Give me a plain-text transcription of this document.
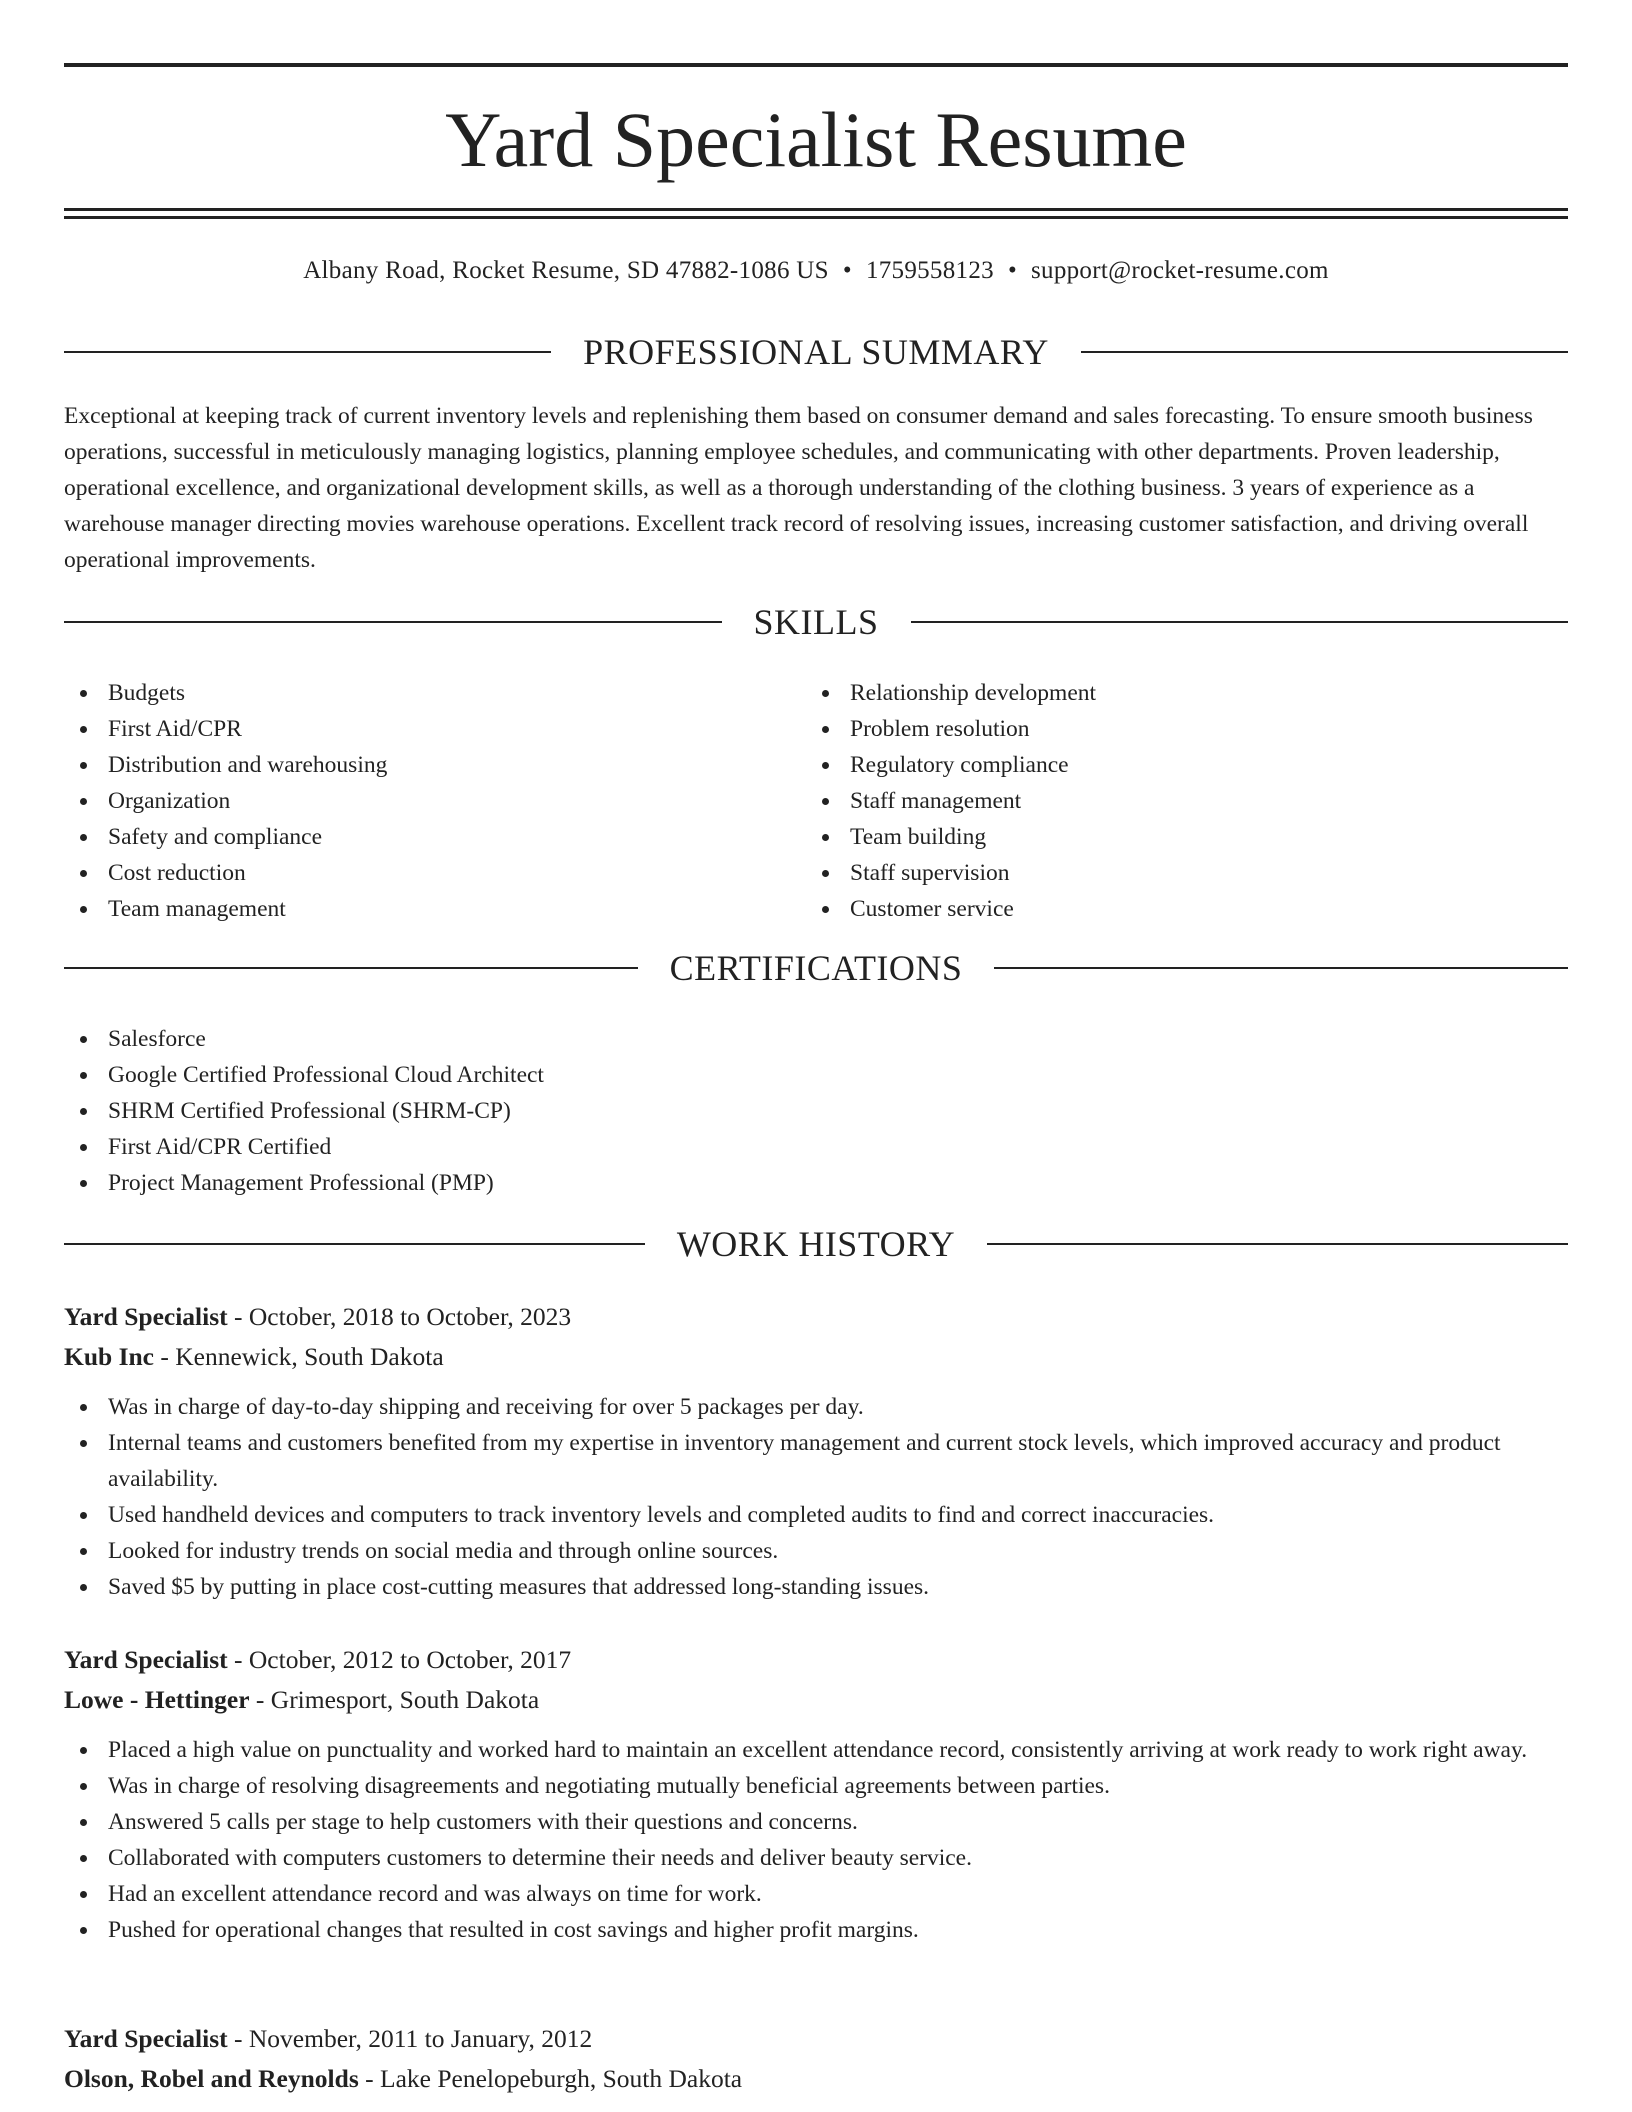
Yard Specialist Resume
Albany Road, Rocket Resume, SD 47882-1086 US • 1759558123 • support@rocket-resume.com
PROFESSIONAL SUMMARY

Exceptional at keeping track of current inventory levels and replenishing them based on consumer demand and sales forecasting. To ensure smooth business operations, successful in meticulously managing logistics, planning employee schedules, and communicating with other departments. Proven leadership, operational excellence, and organizational development skills, as well as a thorough understanding of the clothing business. 3 years of experience as a warehouse manager directing movies warehouse operations. Excellent track record of resolving issues, increasing customer satisfaction, and driving overall operational improvements.

SKILLS
Budgets
First Aid/CPR
Distribution and warehousing
Organization
Safety and compliance
Cost reduction
Team management
Relationship development
Problem resolution
Regulatory compliance
Staff management
Team building
Staff supervision
Customer service
CERTIFICATIONS
Salesforce
Google Certified Professional Cloud Architect
SHRM Certified Professional (SHRM-CP)
First Aid/CPR Certified
Project Management Professional (PMP)
WORK HISTORY
Yard Specialist - October, 2018 to October, 2023
Kub Inc - Kennewick, South Dakota
Was in charge of day-to-day shipping and receiving for over 5 packages per day.
Internal teams and customers benefited from my expertise in inventory management and current stock levels, which improved accuracy and product availability.
Used handheld devices and computers to track inventory levels and completed audits to find and correct inaccuracies.
Looked for industry trends on social media and through online sources.
Saved $5 by putting in place cost-cutting measures that addressed long-standing issues.
Yard Specialist - October, 2012 to October, 2017
Lowe - Hettinger - Grimesport, South Dakota
Placed a high value on punctuality and worked hard to maintain an excellent attendance record, consistently arriving at work ready to work right away.
Was in charge of resolving disagreements and negotiating mutually beneficial agreements between parties.
Answered 5 calls per stage to help customers with their questions and concerns.
Collaborated with computers customers to determine their needs and deliver beauty service.
Had an excellent attendance record and was always on time for work.
Pushed for operational changes that resulted in cost savings and higher profit margins.
Yard Specialist - November, 2011 to January, 2012
Olson, Robel and Reynolds - Lake Penelopeburgh, South Dakota
